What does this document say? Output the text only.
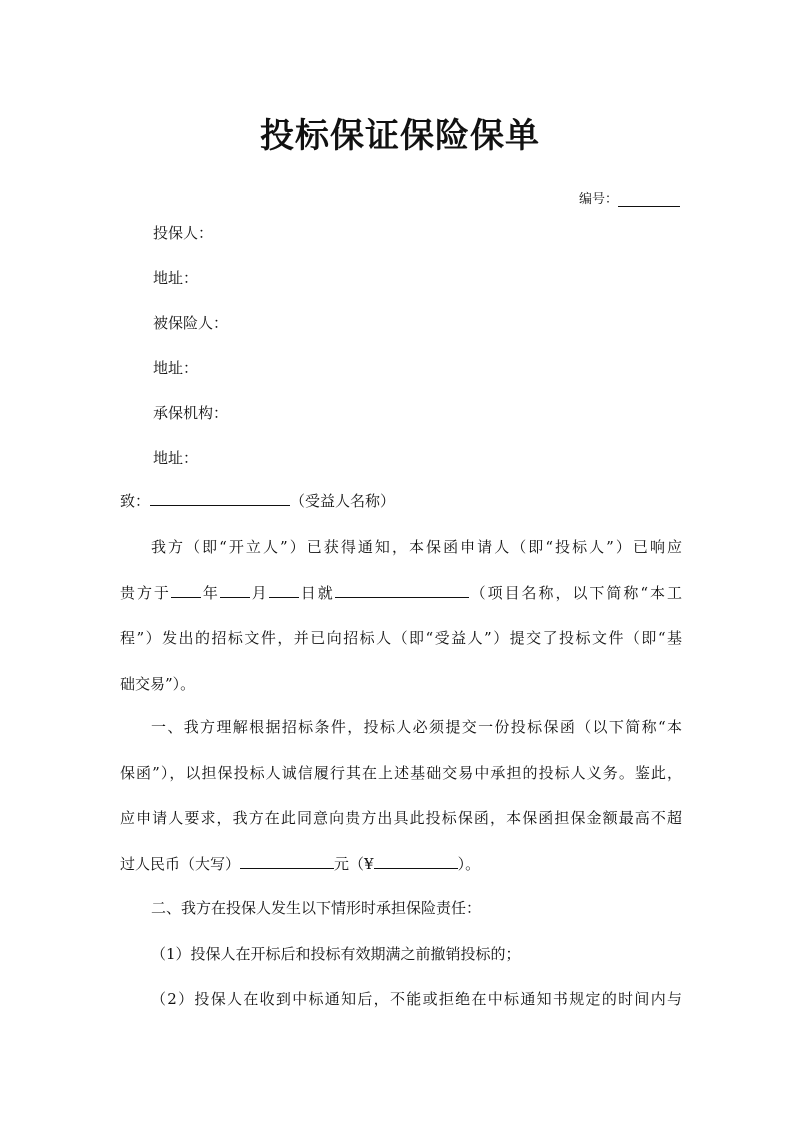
投标保证保险保单
编号：
投保人：
地址：
被保险人：
地址：
承保机构：
地址：
致：	（受益人名称）
我方（即“开立人”）已获得通知，本保函申请人（即“投标人”）已响应
贵方于 年 月 日就	（项目名称，以下简称“本工
程”）发出的招标文件，并已向招标人（即“受益人”）提交了投标文件（即“基
础交易”）。
一、我方理解根据招标条件，投标人必须提交一份投标保函（以下简称“本
保函”），以担保投标人诚信履行其在上述基础交易中承担的投标人义务。鉴此，
应申请人要求，我方在此同意向贵方出具此投标保函，本保函担保金额最高不超
过人民币（大写）	元（¥	）。
二、我方在投保人发生以下情形时承担保险责任：
（1）投保人在开标后和投标有效期满之前撤销投标的；
（2）投保人在收到中标通知后，不能或拒绝在中标通知书规定的时间内与
